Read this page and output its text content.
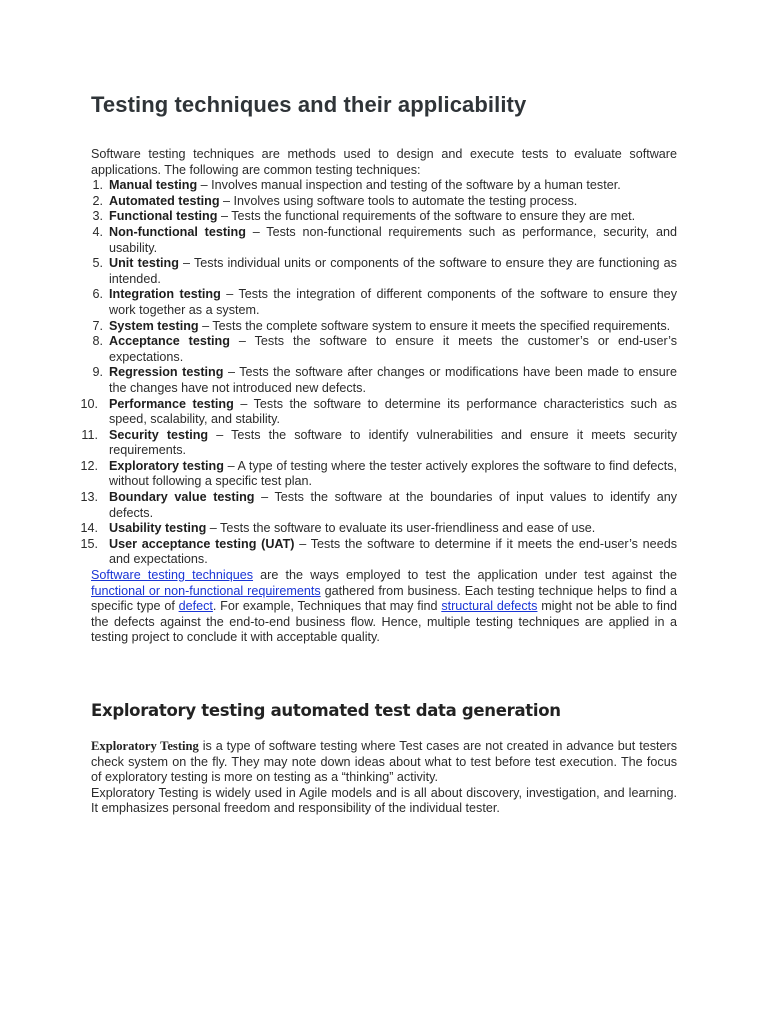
Testing techniques and their applicability

Software testing techniques are methods used to design and execute tests to evaluate software applications. The following are common testing techniques:

1. Manual testing – Involves manual inspection and testing of the software by a human tester.
2. Automated testing – Involves using software tools to automate the testing process.
3. Functional testing – Tests the functional requirements of the software to ensure they are met.
4. Non-functional testing – Tests non-functional requirements such as performance, security, and usability.
5. Unit testing – Tests individual units or components of the software to ensure they are functioning as intended.
6. Integration testing – Tests the integration of different components of the software to ensure they work together as a system.
7. System testing – Tests the complete software system to ensure it meets the specified requirements.
8. Acceptance testing – Tests the software to ensure it meets the customer’s or end-user’s expectations.
9. Regression testing – Tests the software after changes or modifications have been made to ensure the changes have not introduced new defects.
10. Performance testing – Tests the software to determine its performance characteristics such as speed, scalability, and stability.
11. Security testing – Tests the software to identify vulnerabilities and ensure it meets security requirements.
12. Exploratory testing – A type of testing where the tester actively explores the software to find defects, without following a specific test plan.
13. Boundary value testing – Tests the software at the boundaries of input values to identify any defects.
14. Usability testing – Tests the software to evaluate its user-friendliness and ease of use.
15. User acceptance testing (UAT) – Tests the software to determine if it meets the end-user’s needs and expectations.

Software testing techniques are the ways employed to test the application under test against the functional or non-functional requirements gathered from business. Each testing technique helps to find a specific type of defect. For example, Techniques that may find structural defects might not be able to find the defects against the end-to-end business flow. Hence, multiple testing techniques are applied in a testing project to conclude it with acceptable quality.

Exploratory testing automated test data generation

Exploratory Testing is a type of software testing where Test cases are not created in advance but testers check system on the fly. They may note down ideas about what to test before test execution. The focus of exploratory testing is more on testing as a “thinking” activity.

Exploratory Testing is widely used in Agile models and is all about discovery, investigation, and learning. It emphasizes personal freedom and responsibility of the individual tester.
